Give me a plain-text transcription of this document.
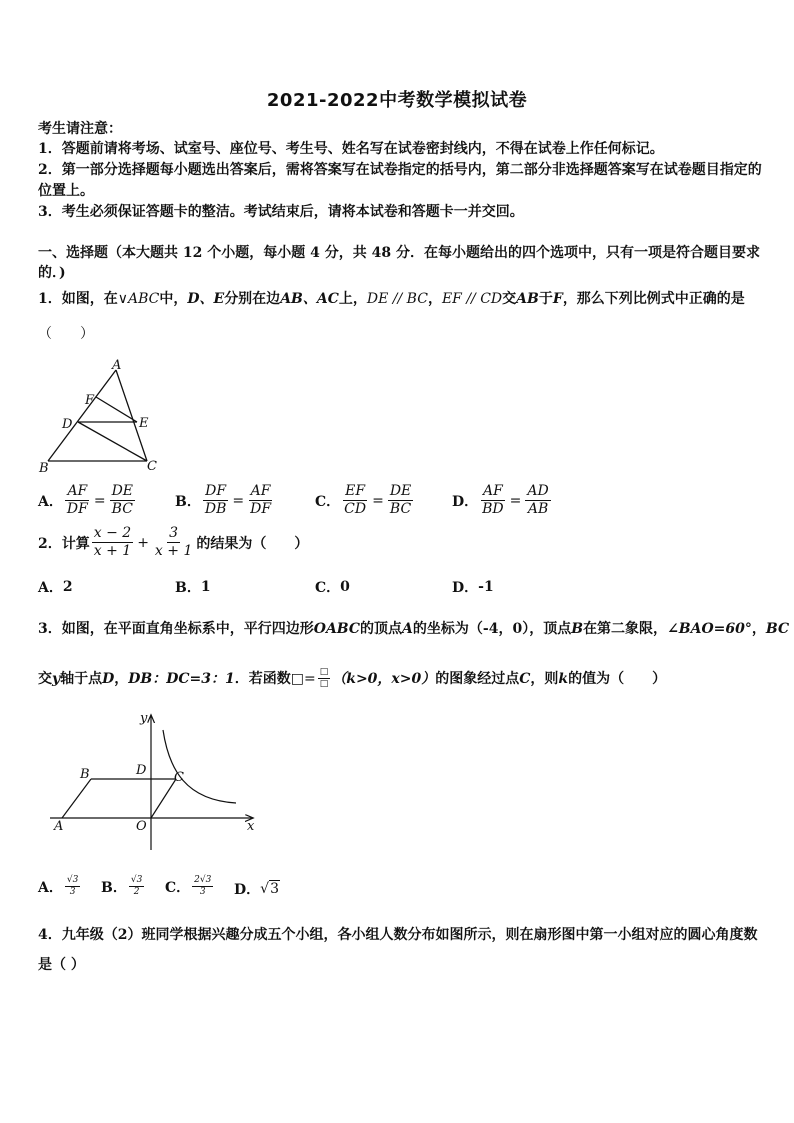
2021-2022中考数学模拟试卷
考生请注意：
1．答题前请将考场、试室号、座位号、考生号、姓名写在试卷密封线内，不得在试卷上作任何标记。
2．第一部分选择题每小题选出答案后，需将答案写在试卷指定的括号内，第二部分非选择题答案写在试卷题目指定的
位置上。
3．考生必须保证答题卡的整洁。考试结束后，请将本试卷和答题卡一并交回。
一、选择题（本大题共 12 个小题，每小题 4 分，共 48 分．在每小题给出的四个选项中，只有一项是符合题目要求
的．)
1．如图，在∨ABC中，D、E分别在边AB、AC上，DE // BC，EF // CD交AB于F，那么下列比例式中正确的是
（　　）
A
F
D	E
B	C
A． $\frac{AF}{DF} = \frac{DE}{BC}$	B． $\frac{DF}{DB} = \frac{AF}{DF}$	C． $\frac{EF}{CD} = \frac{DE}{BC}$	D． $\frac{AF}{BD} = \frac{AD}{AB}$
2．计算 $\frac{x - 2}{x + 1} + \frac{3}{x + 1}$ 的结果为（　　）
A． 2	B． 1	C． 0	D． -1
3．如图，在平面直角坐标系中，平行四边形OABC的顶点A的坐标为（-4，0），顶点B在第二象限，∠BAO=60°，BC
交 y 轴于点 D ， DB：DC=3：1 ．若函数 □ = $\frac{□}{□} (k>0$，x>0） 的图象经过点 C ，则 k 的值为（　　）
y
x
B	D C
A	O
A． $\frac{√3}{3}$ B． $\frac{√3}{2}$ C． $\frac{2√3}{3}$ D． √3
4．九年级（2）班同学根据兴趣分成五个小组，各小组人数分布如图所示，则在扇形图中第一小组对应的圆心角度数
是（ ）
